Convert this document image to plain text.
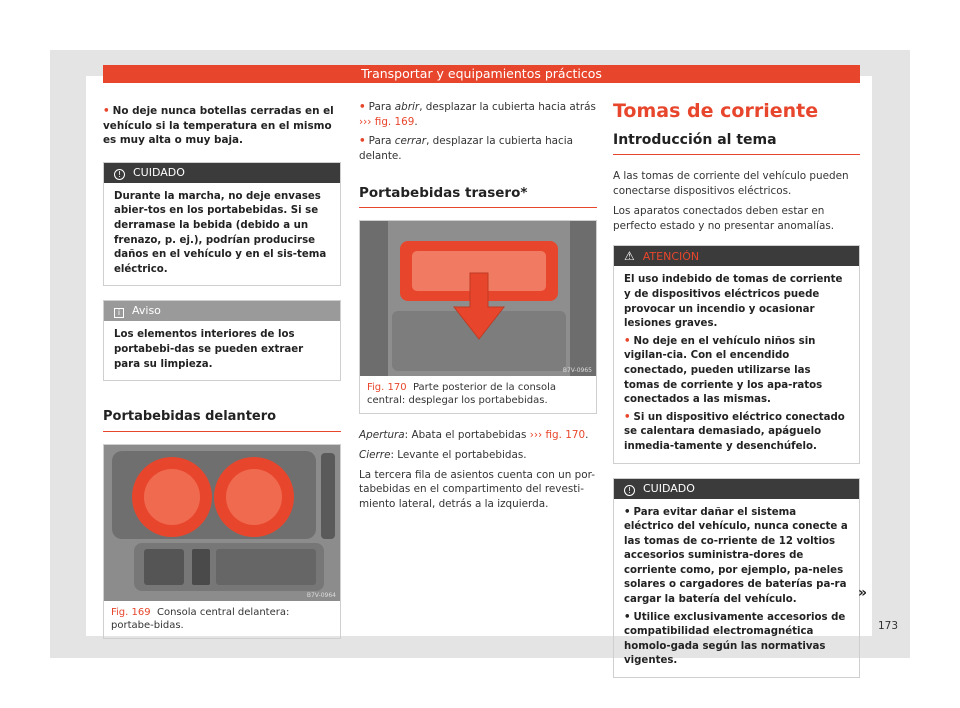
Transportar y equipamientos prácticos
• No deje nunca botellas cerradas en el vehículo si la temperatura en el mismo es muy alta o muy baja.
! CUIDADO
Durante la marcha, no deje envases abier-tos en los portabebidas. Si se derramase la bebida (debido a un frenazo, p. ej.), podrían producirse daños en el vehículo y en el sis-tema eléctrico.
i Aviso
Los elementos interiores de los portabebi-das se pueden extraer para su limpieza.
Portabebidas delantero
B7V-0964
Fig. 169 Consola central delantera: portabe-bidas.

• Para abrir, desplazar la cubierta hacia atrás ››› fig. 169.

• Para cerrar, desplazar la cubierta hacia delante.

Portabebidas trasero*
B7V-0965
Fig. 170 Parte posterior de la consola central: desplegar los portabebidas.

Apertura: Abata el portabebidas ››› fig. 170.

Cierre: Levante el portabebidas.

La tercera fila de asientos cuenta con un por-tabebidas en el compartimento del revesti-miento lateral, detrás a la izquierda.

Tomas de corriente
Introducción al tema

A las tomas de corriente del vehículo pueden conectarse dispositivos eléctricos.

Los aparatos conectados deben estar en perfecto estado y no presentar anomalías.

⚠ ATENCIÓN

El uso indebido de tomas de corriente y de dispositivos eléctricos puede provocar un incendio y ocasionar lesiones graves.

• No deje en el vehículo niños sin vigilan-cia. Con el encendido conectado, pueden utilizarse las tomas de corriente y los apa-ratos conectados a las mismas.

• Si un dispositivo eléctrico conectado se calentara demasiado, apáguelo inmedia-tamente y desenchúfelo.

! CUIDADO

• Para evitar dañar el sistema eléctrico del vehículo, nunca conecte a las tomas de co-rriente de 12 voltios accesorios suministra-dores de corriente como, por ejemplo, pa-neles solares o cargadores de baterías pa-ra cargar la batería del vehículo.

• Utilice exclusivamente accesorios de compatibilidad electromagnética homolo-gada según las normativas vigentes.

»
173
